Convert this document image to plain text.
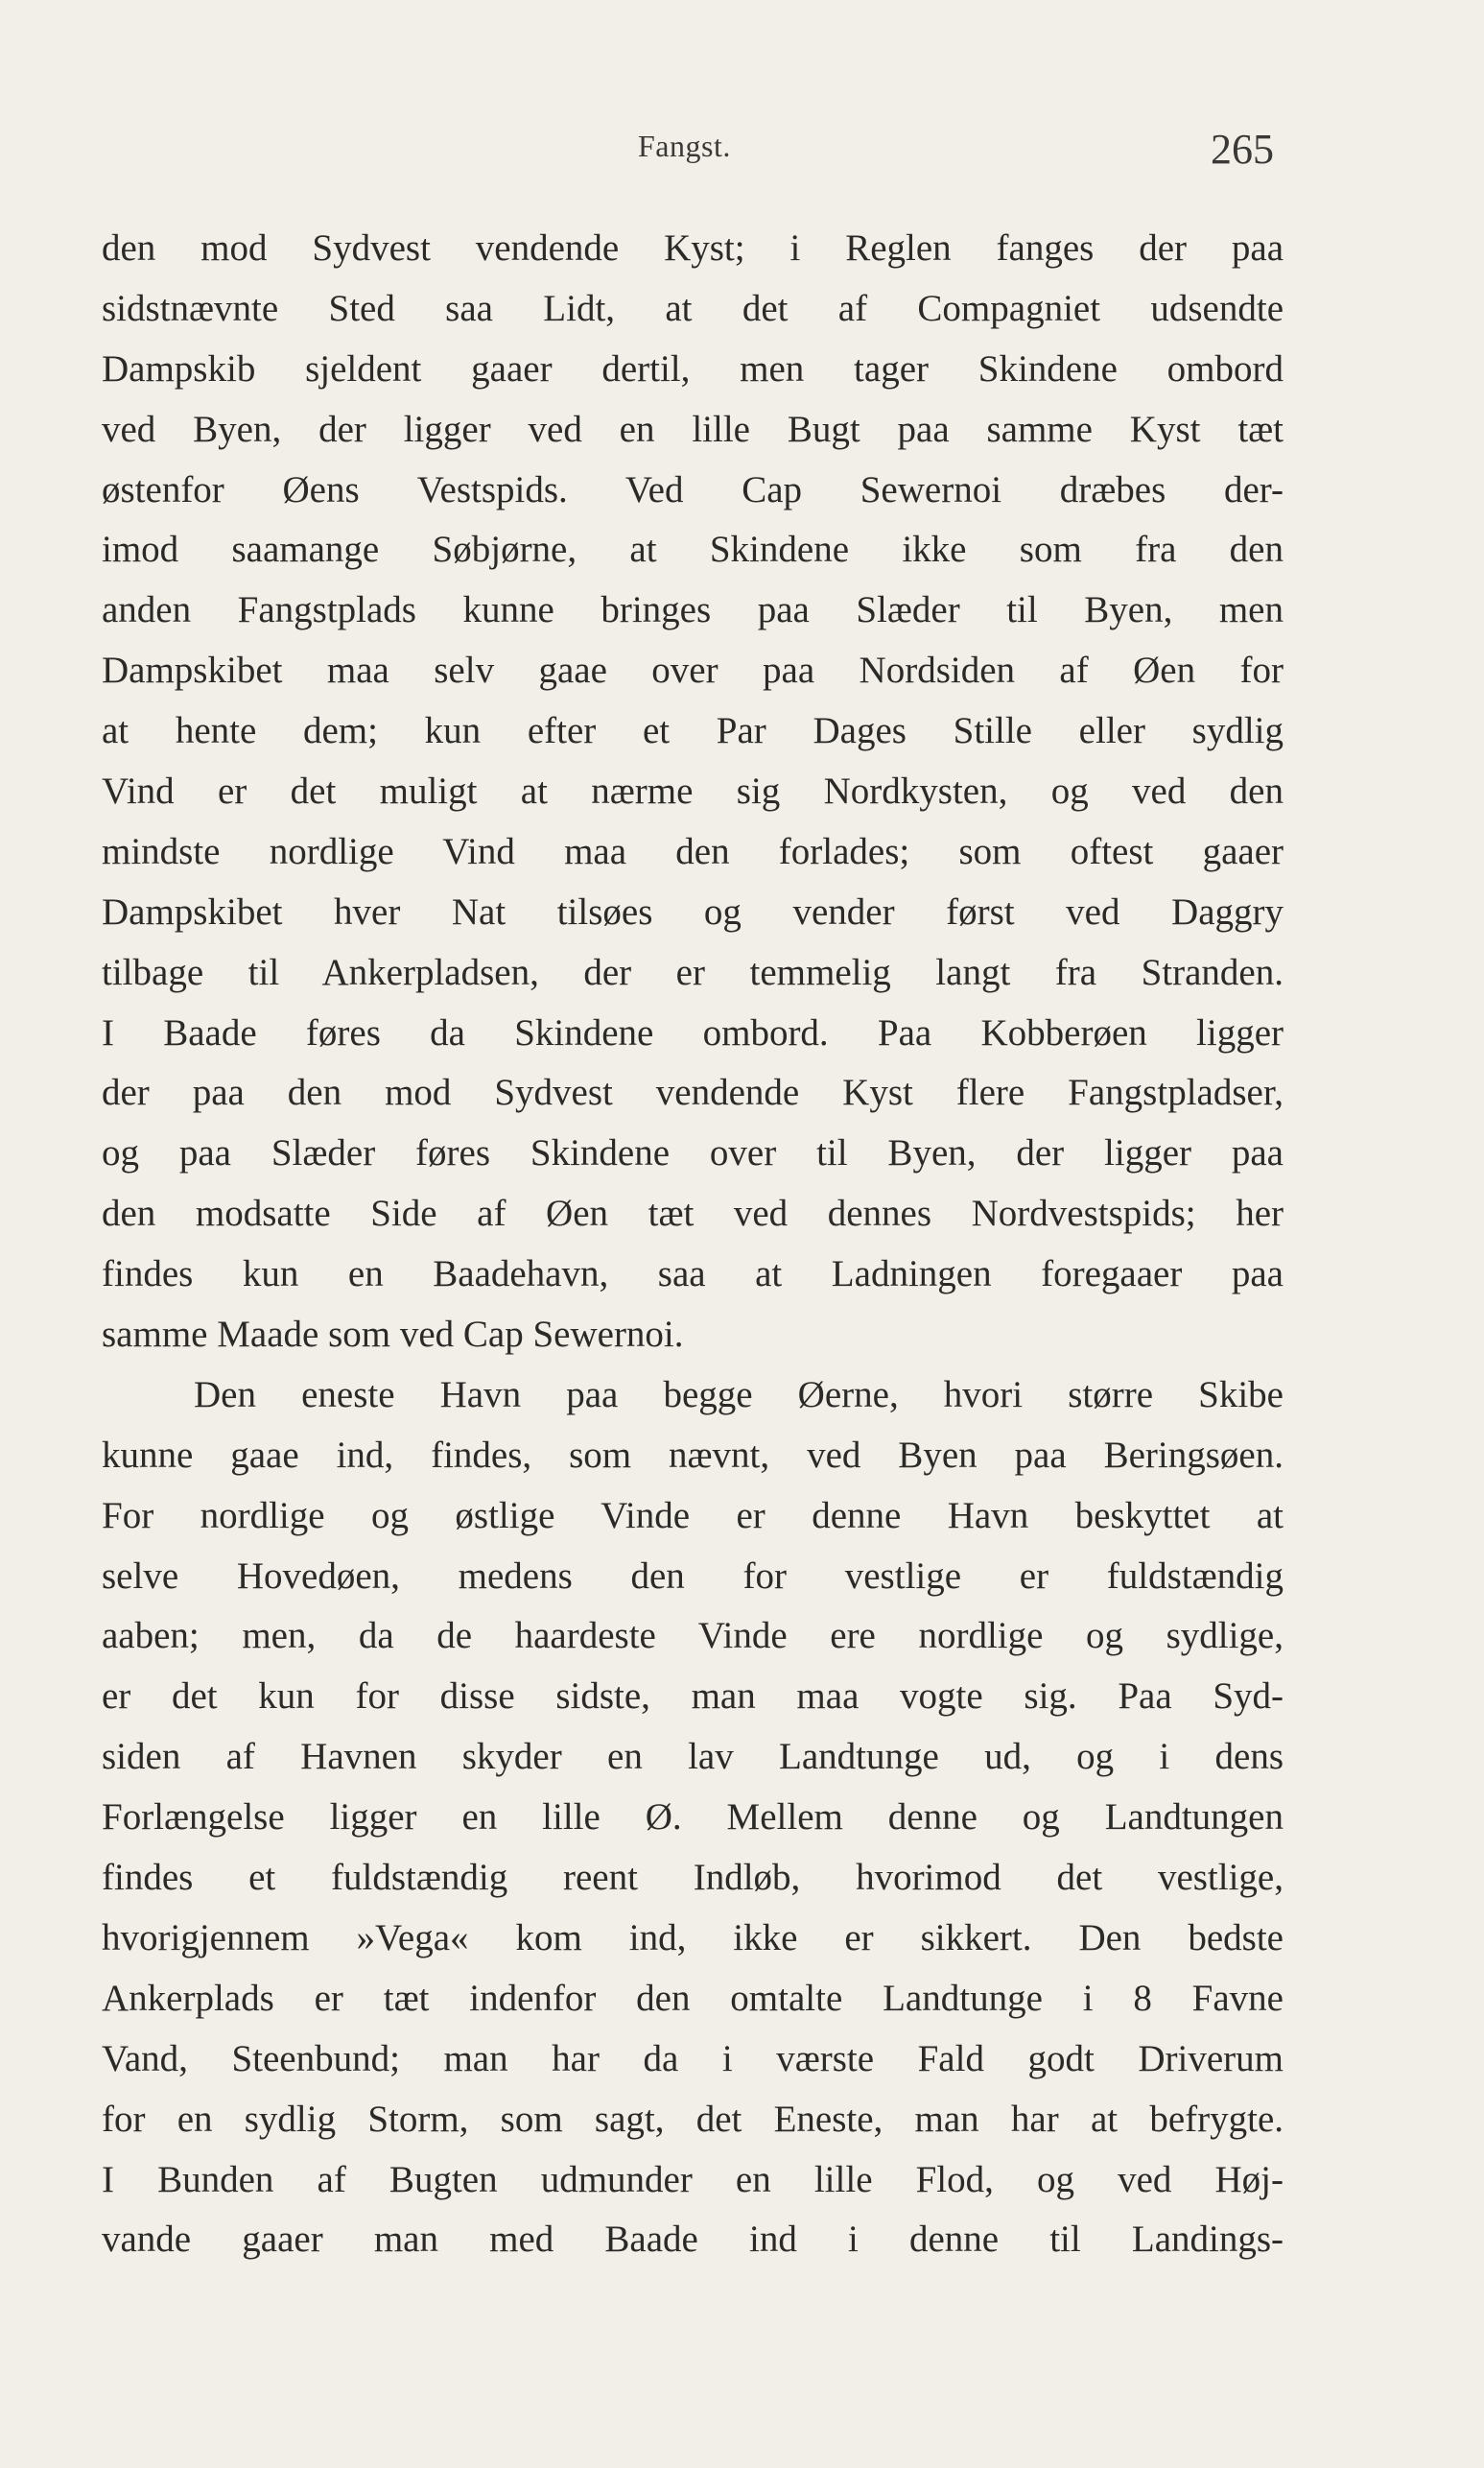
Fangst.	265
den mod Sydvest vendende Kyst; i Reglen fanges der paa
sidstnævnte Sted saa Lidt, at det af Compagniet udsendte
Dampskib sjeldent gaaer dertil, men tager Skindene ombord
ved Byen, der ligger ved en lille Bugt paa samme Kyst tæt
østenfor Øens Vestspids. Ved Cap Sewernoi dræbes der-
imod saamange Søbjørne, at Skindene ikke som fra den
anden Fangstplads kunne bringes paa Slæder til Byen, men
Dampskibet maa selv gaae over paa Nordsiden af Øen for
at hente dem; kun efter et Par Dages Stille eller sydlig
Vind er det muligt at nærme sig Nordkysten, og ved den
mindste nordlige Vind maa den forlades; som oftest gaaer
Dampskibet hver Nat tilsøes og vender først ved Daggry
tilbage til Ankerpladsen, der er temmelig langt fra Stranden.
I Baade føres da Skindene ombord. Paa Kobberøen ligger
der paa den mod Sydvest vendende Kyst flere Fangstpladser,
og paa Slæder føres Skindene over til Byen, der ligger paa
den modsatte Side af Øen tæt ved dennes Nordvestspids; her
findes kun en Baadehavn, saa at Ladningen foregaaer paa
samme Maade som ved Cap Sewernoi.
Den eneste Havn paa begge Øerne, hvori større Skibe
kunne gaae ind, findes, som nævnt, ved Byen paa Beringsøen.
For nordlige og østlige Vinde er denne Havn beskyttet at
selve Hovedøen, medens den for vestlige er fuldstændig
aaben; men, da de haardeste Vinde ere nordlige og sydlige,
er det kun for disse sidste, man maa vogte sig. Paa Syd-
siden af Havnen skyder en lav Landtunge ud, og i dens
Forlængelse ligger en lille Ø. Mellem denne og Landtungen
findes et fuldstændig reent Indløb, hvorimod det vestlige,
hvorigjennem »Vega« kom ind, ikke er sikkert. Den bedste
Ankerplads er tæt indenfor den omtalte Landtunge i 8 Favne
Vand, Steenbund; man har da i værste Fald godt Driverum
for en sydlig Storm, som sagt, det Eneste, man har at befrygte.
I Bunden af Bugten udmunder en lille Flod, og ved Høj-
vande gaaer man med Baade ind i denne til Landings-
